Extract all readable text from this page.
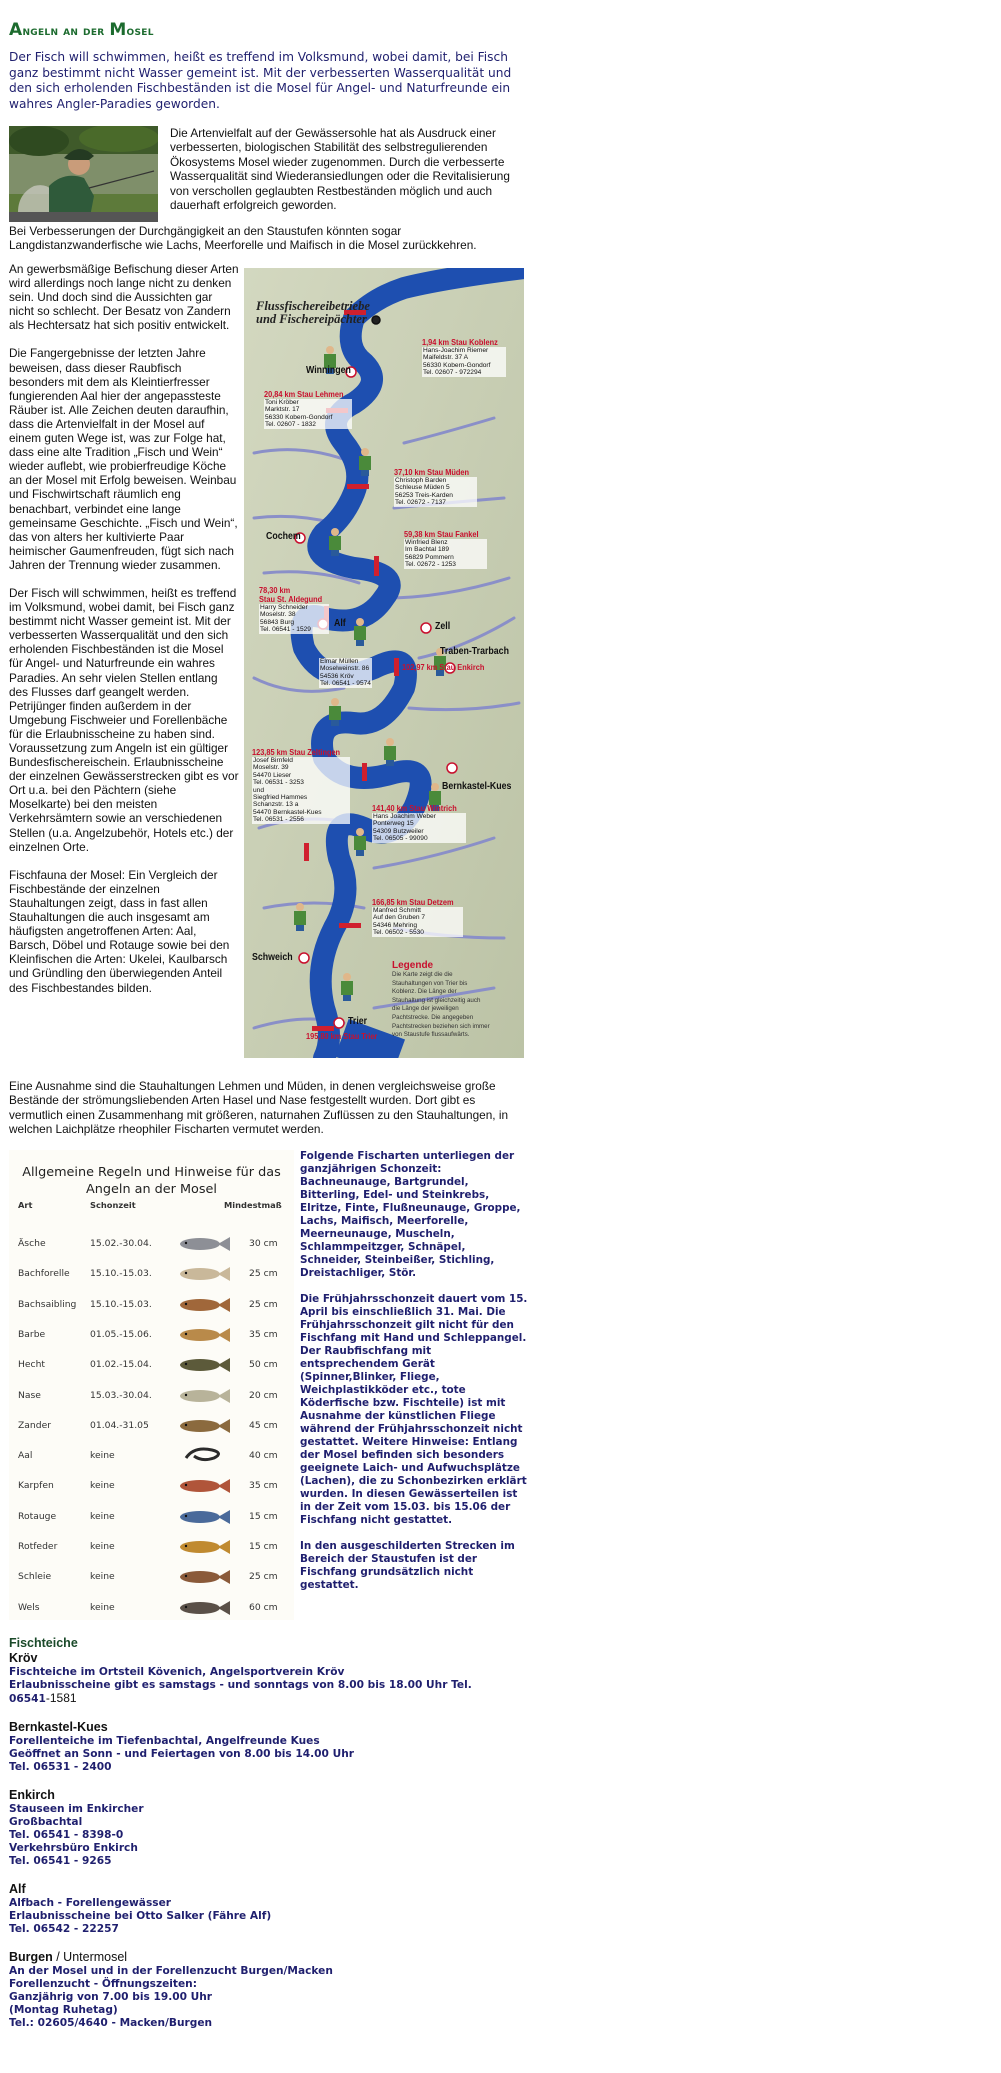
Angeln an der Mosel
Der Fisch will schwimmen, heißt es treffend im Volksmund, wobei damit, bei Fisch ganz bestimmt nicht Wasser gemeint ist. Mit der verbesserten Wasserqualität und den sich erholenden Fischbeständen ist die Mosel für Angel- und Naturfreunde ein wahres Angler-Paradies geworden.
Die Artenvielfalt auf der Gewässersohle hat als Ausdruck einer verbesserten, biologischen Stabilität des selbstregulierenden Ökosystems Mosel wieder zugenommen. Durch die verbesserte Wasserqualität sind Wiederansiedlungen oder die Revitalisierung von verschollen geglaubten Restbeständen möglich und auch dauerhaft erfolgreich geworden.
Bei Verbesserungen der Durchgängigkeit an den Staustufen könnten sogar Langdistanzwanderfische wie Lachs, Meerforelle und Maifisch in die Mosel zurückkehren.

An gewerbsmäßige Befischung dieser Arten wird allerdings noch lange nicht zu denken sein. Und doch sind die Aussichten gar nicht so schlecht. Der Besatz von Zandern als Hechtersatz hat sich positiv entwickelt.

Die Fangergebnisse der letzten Jahre beweisen, dass dieser Raubfisch besonders mit dem als Kleintierfresser fungierenden Aal hier der angepassteste Räuber ist. Alle Zeichen deuten daraufhin, dass die Artenvielfalt in der Mosel auf einem guten Wege ist, was zur Folge hat, dass eine alte Tradition „Fisch und Wein“ wieder auflebt, wie probierfreudige Köche an der Mosel mit Erfolg beweisen. Weinbau und Fischwirtschaft räumlich eng benachbart, verbindet eine lange gemeinsame Geschichte. „Fisch und Wein“, das von alters her kultivierte Paar heimischer Gaumenfreuden, fügt sich nach Jahren der Trennung wieder zusammen.

Der Fisch will schwimmen, heißt es treffend im Volksmund, wobei damit, bei Fisch ganz bestimmt nicht Wasser gemeint ist. Mit der verbesserten Wasserqualität und den sich erholenden Fischbeständen ist die Mosel für Angel- und Naturfreunde ein wahres Paradies. An sehr vielen Stellen entlang des Flusses darf geangelt werden. Petrijünger finden außerdem in der Umgebung Fischweier und Forellenbäche für die Erlaubnisscheine zu haben sind. Voraussetzung zum Angeln ist ein gültiger Bundesfischereischein. Erlaubnisscheine der einzelnen Gewässerstrecken gibt es vor Ort u.a. bei den Pächtern (siehe Moselkarte) bei den meisten Verkehrsämtern sowie an verschiedenen Stellen (u.a. Angelzubehör, Hotels etc.) der einzelnen Orte.

Fischfauna der Mosel: Ein Vergleich der Fischbestände der einzelnen Stauhaltungen zeigt, dass in fast allen Stauhaltungen die auch insgesamt am häufigsten angetroffenen Arten: Aal, Barsch, Döbel und Rotauge sowie bei den Kleinfischen die Arten: Ukelei, Kaulbarsch und Gründling den überwiegenden Anteil des Fischbestandes bilden.

Flussfischereibetriebe
und Fischereipächter
Winningen
Cochem
Alf	Zell
Traben-Trarbach
Bernkastel-Kues
Schweich
Trier
1,94 km Stau Koblenz
Hans-Joachim Riemer
Maifeldstr. 37 A
56330 Kobern-Gondorf
Tel. 02607 - 972294
20,84 km Stau Lehmen
Toni Kröber
Marktstr. 17
56330 Kobern-Gondorf
Tel. 02607 - 1832
37,10 km Stau Müden
Christoph Barden
Schleuse Müden 5
56253 Treis-Karden
Tel. 02672 - 7137
59,38 km Stau Fankel
Winfried Blenz
Im Bachtal 189
56829 Pommern
Tel. 02672 - 1253
78,30 km
Stau St. Aldegund
Harry Schneider
Moselstr. 38
56843 Burg
Tel. 06541 - 1529
102,97 km Stau Enkirch
Elmar Müllen
Moselweinstr. 86
54536 Kröv
Tel. 06541 - 9574
123,85 km Stau Zeltingen
Josef Birnfeld
Moselstr. 39
54470 Lieser
Tel. 06531 - 3253
und
Siegfried Hammes
Schanzstr. 13 a
54470 Bernkastel-Kues
Tel. 06531 - 2556
141,40 km Stau Wintrich
Hans Joachim Weber
Ponterweg 15
54309 Butzweiler
Tel. 06505 - 99090
166,85 km Stau Detzem
Manfred Schmitt
Auf den Gruben 7
54346 Mehring
Tel. 06502 - 5530
195,80 km Stau Trier
Legende
Die Karte zeigt die die
Stauhaltungen von Trier bis
Koblenz. Die Länge der
Stauhaltung ist gleichzeitig auch
die Länge der jeweiligen
Pachtstrecke. Die angegeben
Pachtstrecken beziehen sich immer
von Staustufe flussaufwärts.
Eine Ausnahme sind die Stauhaltungen Lehmen und Müden, in denen vergleichsweise große Bestände der strömungsliebenden Arten Hasel und Nase festgestellt wurden. Dort gibt es vermutlich einen Zusammenhang mit größeren, naturnahen Zuflüssen zu den Stauhaltungen, in welchen Laichplätze rheophiler Fischarten vermutet werden.
Allgemeine Regeln und Hinweise für das
Angeln an der Mosel
Art	Schonzeit	Mindestmaß
Äsche	15.02.-30.04.	30 cm
Bachforelle 15.10.-15.03.	25 cm
Bachsaibling 15.10.-15.03.	25 cm
Barbe	01.05.-15.06.	35 cm
Hecht	01.02.-15.04.	50 cm
Nase	15.03.-30.04.	20 cm
Zander	01.04.-31.05	45 cm
Aal	keine	40 cm
Karpfen	keine	35 cm
Rotauge	keine	15 cm
Rotfeder	keine	15 cm
Schleie	keine	25 cm
Wels	keine	60 cm

Folgende Fischarten unterliegen der ganzjährigen Schonzeit: Bachneunauge, Bartgrundel, Bitterling, Edel- und Steinkrebs, Elritze, Finte, Flußneunauge, Groppe, Lachs, Maifisch, Meerforelle, Meerneunauge, Muscheln, Schlammpeitzger, Schnäpel, Schneider, Steinbeißer, Stichling, Dreistachliger, Stör.

Die Frühjahrsschonzeit dauert vom 15. April bis einschließlich 31. Mai. Die Frühjahrsschonzeit gilt nicht für den Fischfang mit Hand und Schleppangel. Der Raubfischfang mit entsprechendem Gerät (Spinner,Blinker, Fliege, Weichplastikköder etc., tote Köderfische bzw. Fischteile) ist mit Ausnahme der künstlichen Fliege während der Frühjahrsschonzeit nicht gestattet. Weitere Hinweise: Entlang der Mosel befinden sich besonders geeignete Laich- und Aufwuchsplätze (Lachen), die zu Schonbezirken erklärt wurden. In diesen Gewässerteilen ist in der Zeit vom 15.03. bis 15.06 der Fischfang nicht gestattet.

In den ausgeschilderten Strecken im Bereich der Staustufen ist der Fischfang grundsätzlich nicht gestattet.

Fischteiche
Kröv
Fischteiche im Ortsteil Kövenich, Angelsportverein Kröv
Erlaubnisscheine gibt es samstags - und sonntags von 8.00 bis 18.00 Uhr Tel.
06541-1581
Bernkastel-Kues
Forellenteiche im Tiefenbachtal, Angelfreunde Kues
Geöffnet an Sonn - und Feiertagen von 8.00 bis 14.00 Uhr
Tel. 06531 - 2400
Enkirch
Stauseen im Enkircher
Großbachtal
Tel. 06541 - 8398-0
Verkehrsbüro Enkirch
Tel. 06541 - 9265
Alf
Alfbach - Forellengewässer
Erlaubnisscheine bei Otto Salker (Fähre Alf)
Tel. 06542 - 22257
Burgen / Untermosel
An der Mosel und in der Forellenzucht Burgen/Macken
Forellenzucht - Öffnungszeiten:
Ganzjährig von 7.00 bis 19.00 Uhr
(Montag Ruhetag)
Tel.: 02605/4640 - Macken/Burgen
